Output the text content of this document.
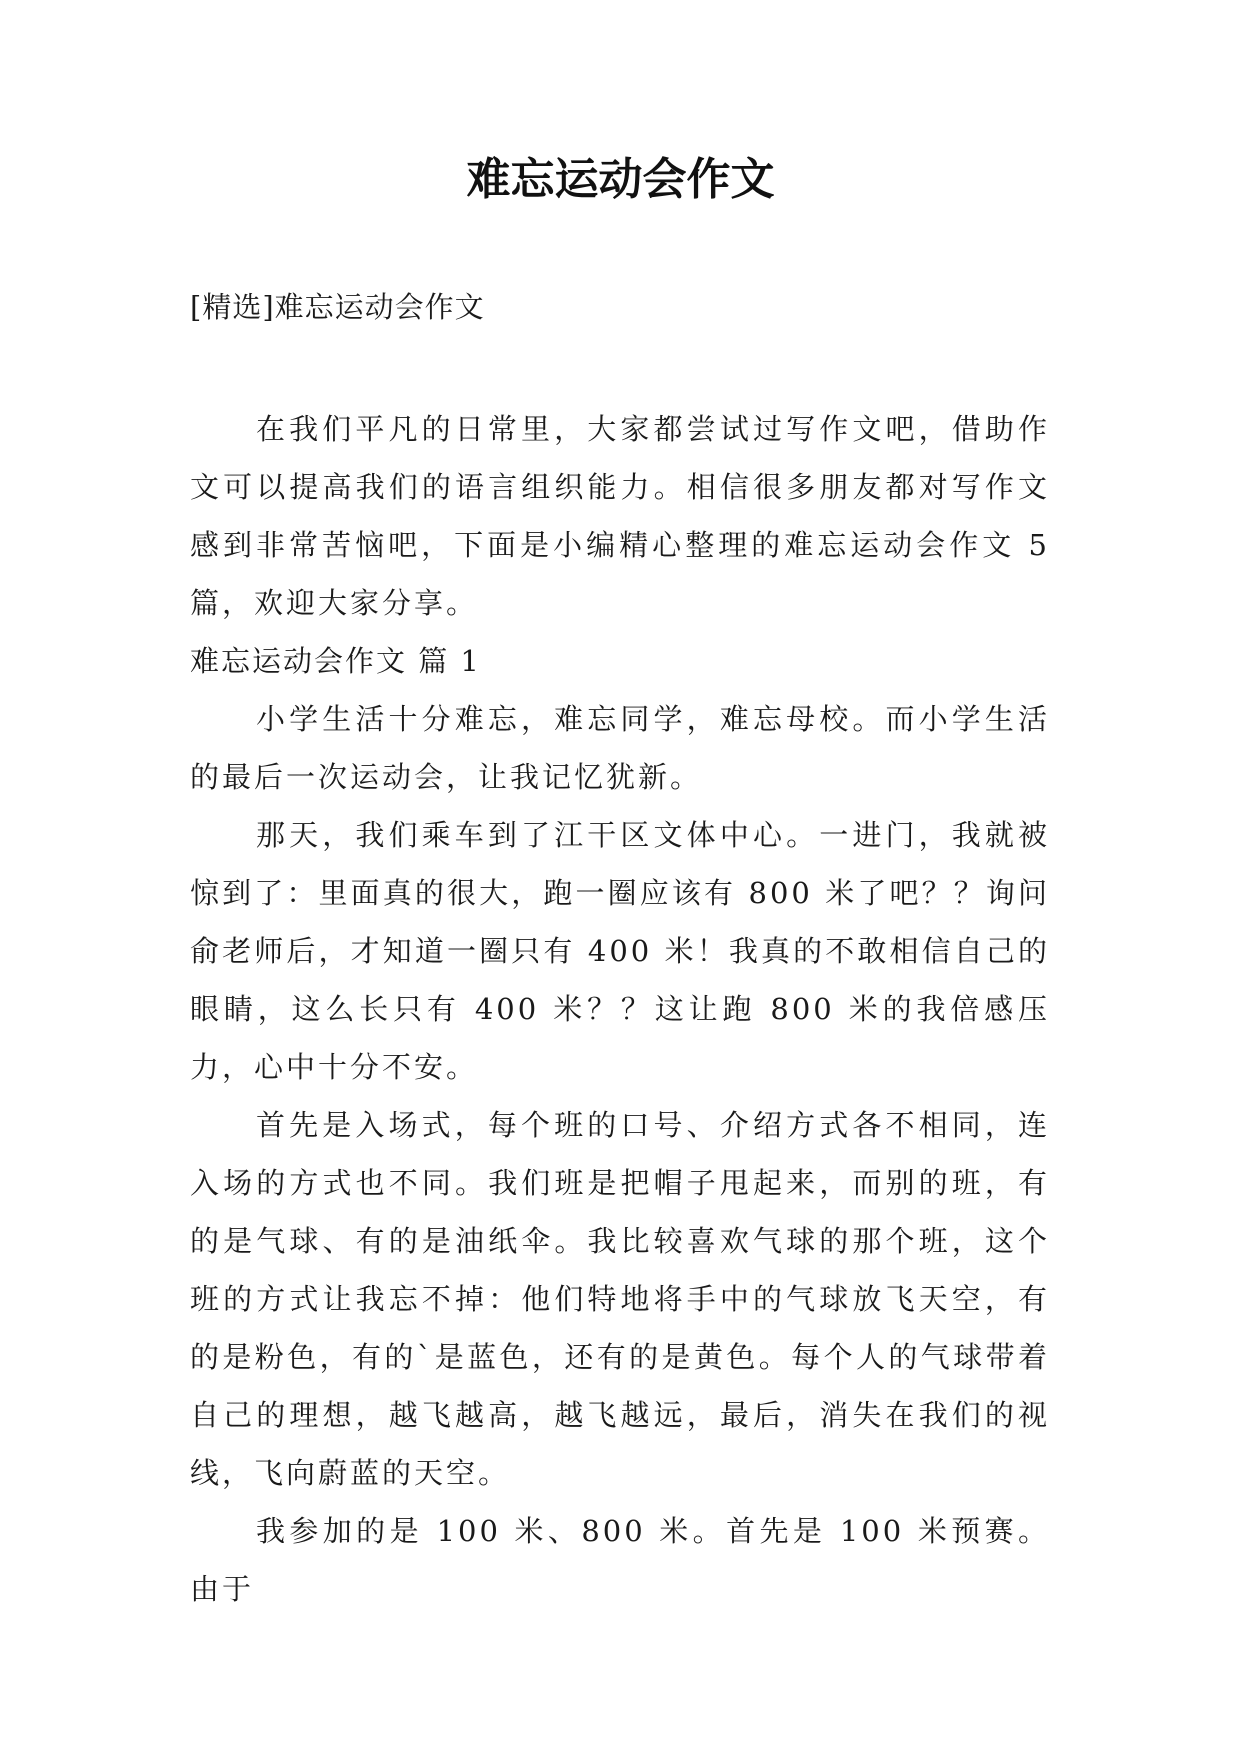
难忘运动会作文
[精选]难忘运动会作文

在我们平凡的日常里，大家都尝试过写作文吧，借助作文可以提高我们的语言组织能力。相信很多朋友都对写作文感到非常苦恼吧，下面是小编精心整理的难忘运动会作文 5 篇，欢迎大家分享。

难忘运动会作文 篇 1

小学生活十分难忘，难忘同学，难忘母校。而小学生活的最后一次运动会，让我记忆犹新。

那天，我们乘车到了江干区文体中心。一进门，我就被惊到了：里面真的很大，跑一圈应该有 800 米了吧？？询问俞老师后，才知道一圈只有 400 米！我真的不敢相信自己的眼睛，这么长只有 400 米？？这让跑 800 米的我倍感压力，心中十分不安。

首先是入场式，每个班的口号、介绍方式各不相同，连入场的方式也不同。我们班是把帽子甩起来，而别的班，有的是气球、有的是油纸伞。我比较喜欢气球的那个班，这个班的方式让我忘不掉：他们特地将手中的气球放飞天空，有的是粉色，有的`是蓝色，还有的是黄色。每个人的气球带着自己的理想，越飞越高，越飞越远，最后，消失在我们的视线，飞向蔚蓝的天空。

我参加的是 100 米、800 米。首先是 100 米预赛。由于
